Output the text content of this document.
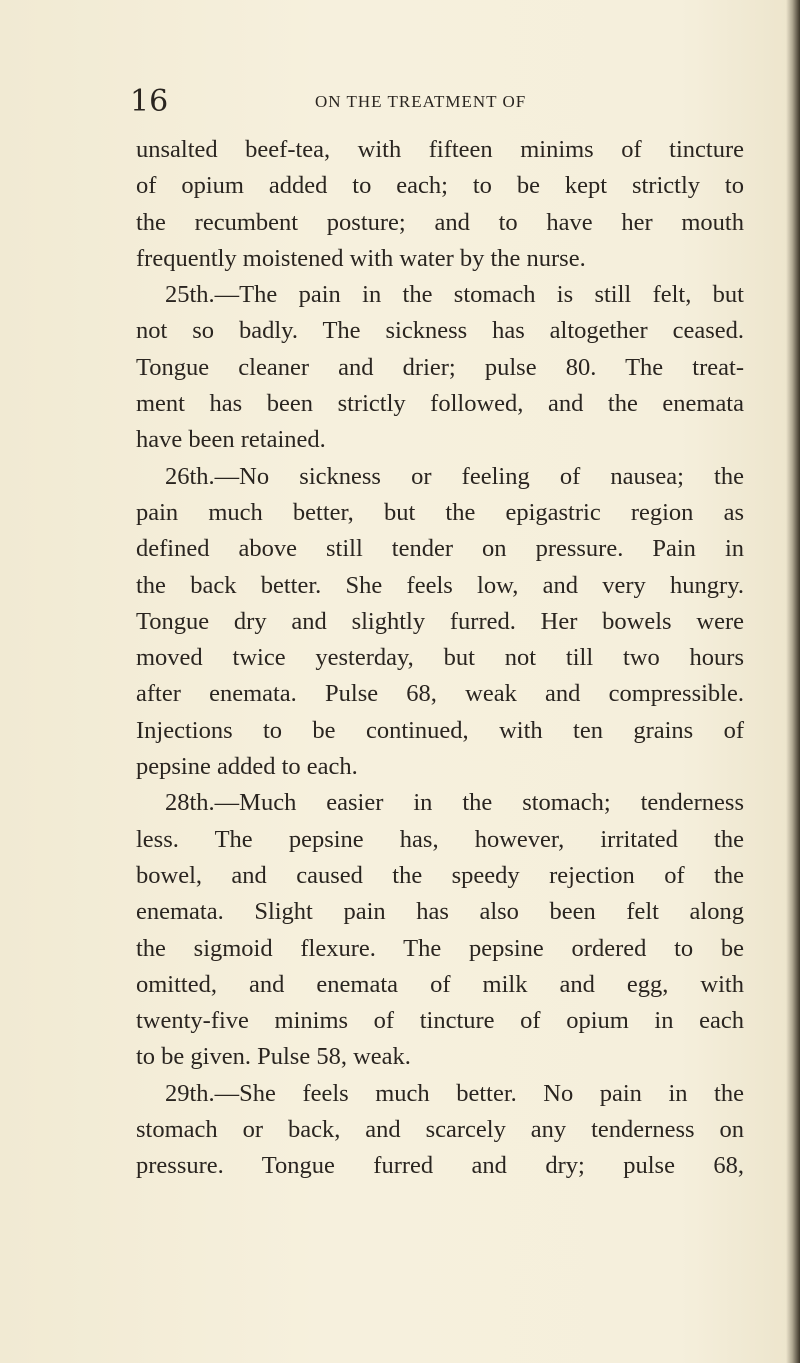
16	ON THE TREATMENT OF
unsalted beef-tea, with fifteen minims of tincture
of opium added to each; to be kept strictly to
the recumbent posture; and to have her mouth
frequently moistened with water by the nurse.
25th.—The pain in the stomach is still felt, but
not so badly. The sickness has altogether ceased.
Tongue cleaner and drier; pulse 80. The treat-
ment has been strictly followed, and the enemata
have been retained.
26th.—No sickness or feeling of nausea; the
pain much better, but the epigastric region as
defined above still tender on pressure. Pain in
the back better. She feels low, and very hungry.
Tongue dry and slightly furred. Her bowels were
moved twice yesterday, but not till two hours
after enemata. Pulse 68, weak and compressible.
Injections to be continued, with ten grains of
pepsine added to each.
28th.—Much easier in the stomach; tenderness
less. The pepsine has, however, irritated the
bowel, and caused the speedy rejection of the
enemata. Slight pain has also been felt along
the sigmoid flexure. The pepsine ordered to be
omitted, and enemata of milk and egg, with
twenty-five minims of tincture of opium in each
to be given. Pulse 58, weak.
29th.—She feels much better. No pain in the
stomach or back, and scarcely any tenderness on
pressure. Tongue furred and dry; pulse 68,
